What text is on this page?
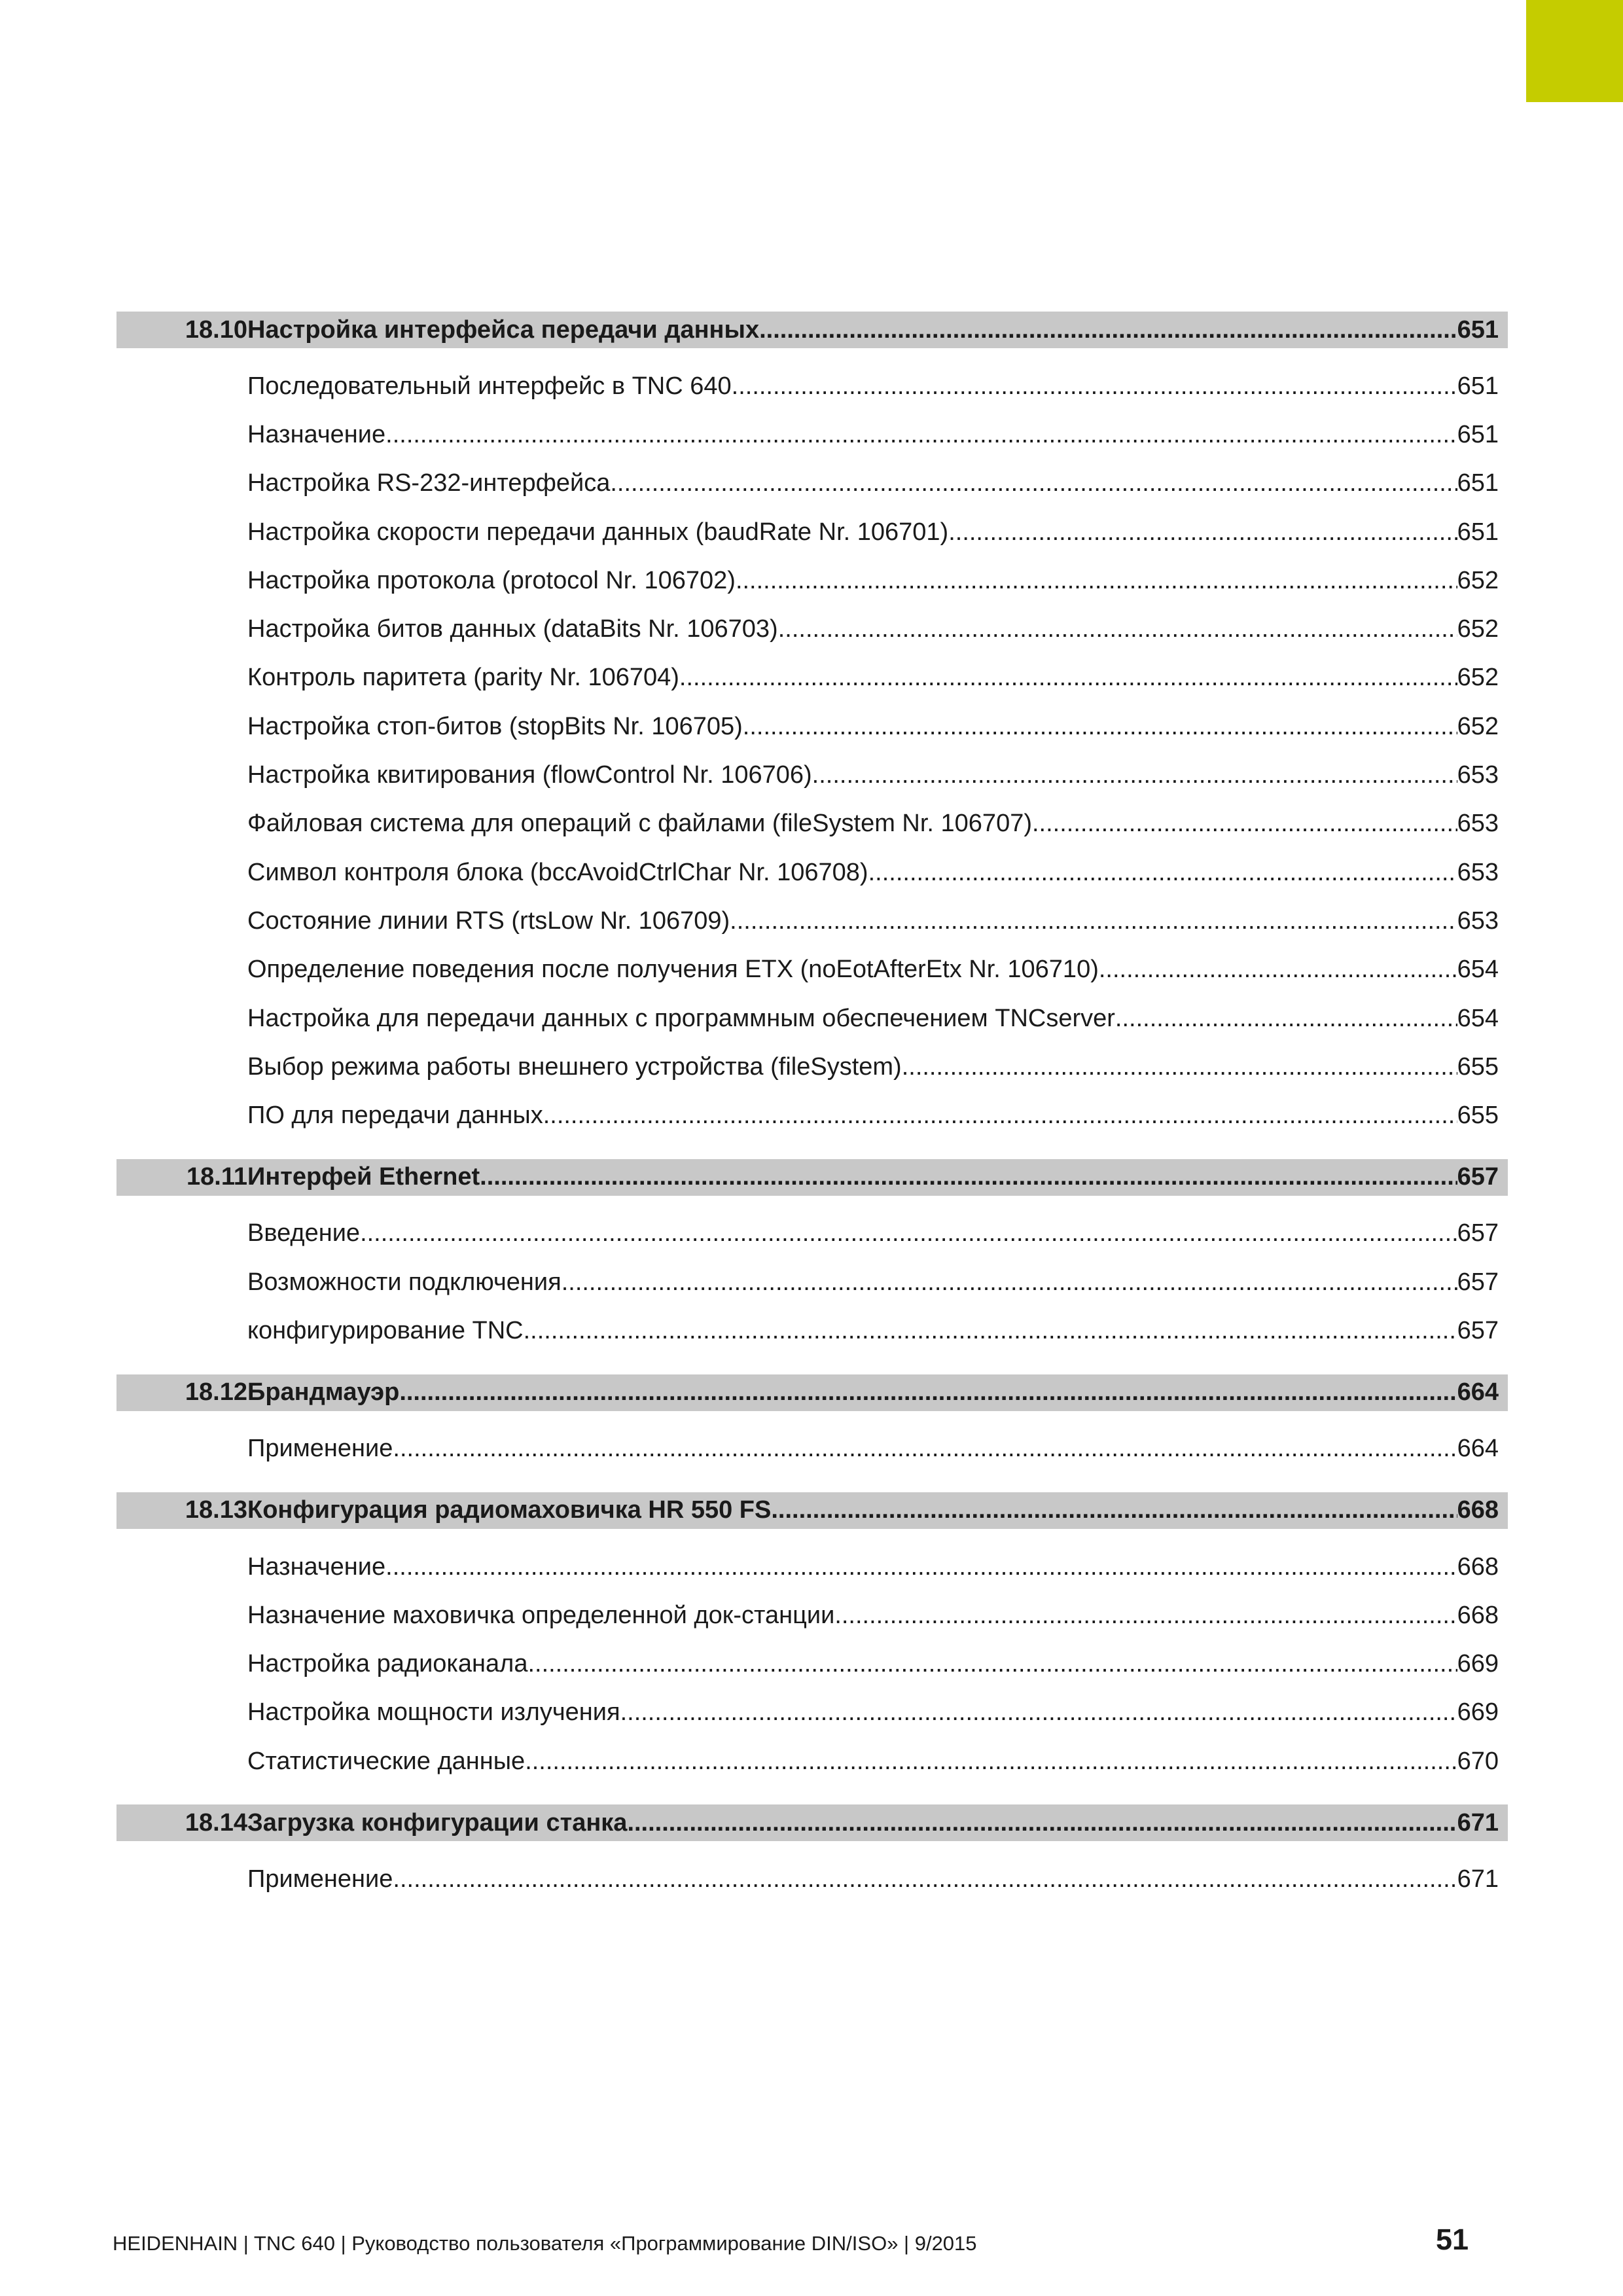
18.10 Настройка интерфейса передачи данных .....	651
Последовательный интерфейс в TNC 640 .....	651
Назначение .....	651
Настройка RS-232-интерфейса .....	651
Настройка скорости передачи данных (baudRate Nr. 106701) .....	651
Настройка протокола (protocol Nr. 106702) .....	652
Настройка битов данных (dataBits Nr. 106703) .....	652
Контроль паритета (parity Nr. 106704) .....	652
Настройка стоп-битов (stopBits Nr. 106705) .....	652
Настройка квитирования (flowControl Nr. 106706) .....	653
Файловая система для операций с файлами (fileSystem Nr. 106707) .....	653
Символ контроля блока (bccAvoidCtrlChar Nr. 106708) .....	653
Состояние линии RTS (rtsLow Nr. 106709) .....	653
Определение поведения после получения ETX (noEotAfterEtx Nr. 106710) .....	654
Настройка для передачи данных с программным обеспечением TNCserver .....	654
Выбор режима работы внешнего устройства (fileSystem) .....	655
ПО для передачи данных .....	655
18.11 Интерфей Ethernet .....	657
Введение .....	657
Возможности подключения .....	657
конфигурирование TNC .....	657
18.12 Брандмауэр .....	664
Применение .....	664
18.13 Конфигурация радиомаховичка HR 550 FS .....	668
Назначение .....	668
Назначение маховичка определенной док-станции .....	668
Настройка радиоканала .....	669
Настройка мощности излучения .....	669
Статистические данные .....	670
18.14 Загрузка конфигурации станка .....	671
Применение .....	671
HEIDENHAIN | TNC 640 | Руководство пользователя «Программирование DIN/ISO» | 9/2015	51
